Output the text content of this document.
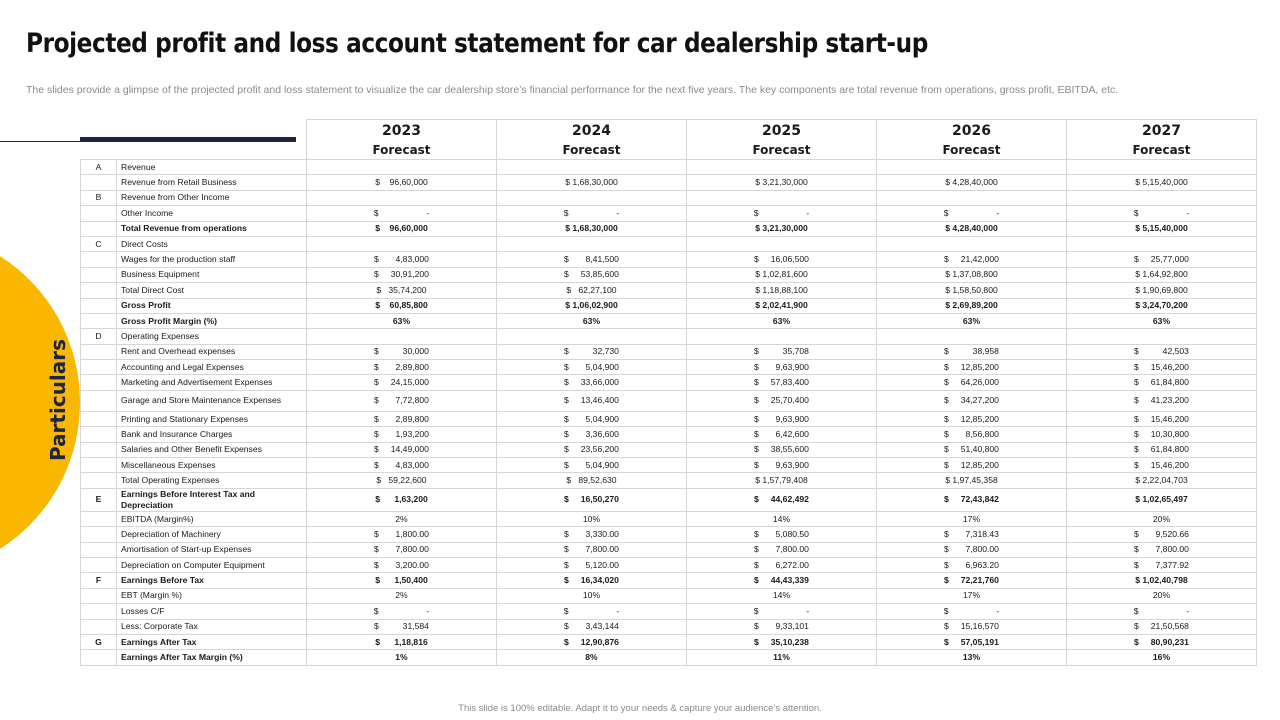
Projected profit and loss account statement for car dealership start-up
The slides provide a glimpse of the projected profit and loss statement to visualize the car dealership store’s financial performance for the next five years. The key components are total revenue from operations, gross profit, EBITDA, etc.
Particulars
		2023	2024	2025	2026	2027
		Forecast	Forecast	Forecast	Forecast	Forecast
A	Revenue					
	Revenue from Retail Business	$    96,60,000	$ 1,68,30,000	$ 3,21,30,000	$ 4,28,40,000	$ 5,15,40,000
B	Revenue from Other Income					
	Other Income	$                    -	$                    -	$                    -	$                    -	$                    -
	Total Revenue from operations	$    96,60,000	$ 1,68,30,000	$ 3,21,30,000	$ 4,28,40,000	$ 5,15,40,000
C	Direct Costs					
	Wages for the production staff	$       4,83,000	$       8,41,500	$     16,06,500	$     21,42,000	$     25,77,000
	Business Equipment	$     30,91,200	$     53,85,600	$ 1,02,81,600	$ 1,37,08,800	$ 1,64,92,800
	Total Direct Cost	$   35,74,200	$   62,27,100	$ 1,18,88,100	$ 1,58,50,800	$ 1,90,69,800
	Gross Profit	$    60,85,800	$ 1,06,02,900	$ 2,02,41,900	$ 2,69,89,200	$ 3,24,70,200
	Gross Profit Margin (%)	63%	63%	63%	63%	63%
D	Operating Expenses					
	Rent and Overhead expenses	$          30,000	$          32,730	$          35,708	$          38,958	$          42,503
	Accounting and Legal Expenses	$       2,89,800	$       5,04,900	$       9,63,900	$     12,85,200	$     15,46,200
	Marketing and Advertisement Expenses	$     24,15,000	$     33,66,000	$     57,83,400	$     64,26,000	$     61,84,800
	Garage and Store Maintenance Expenses	$       7,72,800	$     13,46,400	$     25,70,400	$     34,27,200	$     41,23,200
	Printing and Stationary Expenses	$       2,89,800	$       5,04,900	$       9,63,900	$     12,85,200	$     15,46,200
	Bank and Insurance Charges	$       1,93,200	$       3,36,600	$       6,42,600	$       8,56,800	$     10,30,800
	Salaries and Other Benefit Expenses	$     14,49,000	$     23,56,200	$     38,55,600	$     51,40,800	$     61,84,800
	Miscellaneous Expenses	$       4,83,000	$       5,04,900	$       9,63,900	$     12,85,200	$     15,46,200
	Total Operating Expenses	$   59,22,600	$   89,52,630	$ 1,57,79,408	$ 1,97,45,358	$ 2,22,04,703
E	Earnings Before Interest Tax and Depreciation	$      1,63,200	$     16,50,270	$     44,62,492	$     72,43,842	$ 1,02,65,497
	EBITDA (Margin%)	2%	10%	14%	17%	20%
	Depreciation of Machinery	$       1,800.00	$       3,330.00	$       5,080.50	$       7,318.43	$       9,520.66
	Amortisation of Start-up Expenses	$       7,800.00	$       7,800.00	$       7,800.00	$       7,800.00	$       7,800.00
	Depreciation on Computer Equipment	$       3,200.00	$       5,120.00	$       6,272.00	$       6,963.20	$       7,377.92
F	Earnings Before Tax	$      1,50,400	$     16,34,020	$     44,43,339	$     72,21,760	$ 1,02,40,798
	EBT (Margin %)	2%	10%	14%	17%	20%
	Losses C/F	$                    -	$                    -	$                    -	$                    -	$                    -
	Less: Corporate Tax	$          31,584	$       3,43,144	$       9,33,101	$     15,16,570	$     21,50,568
G	Earnings After Tax	$      1,18,816	$     12,90,876	$     35,10,238	$     57,05,191	$     80,90,231
	Earnings After Tax Margin (%)	1%	8%	11%	13%	16%
This slide is 100% editable. Adapt it to your needs & capture your audience’s attention.
